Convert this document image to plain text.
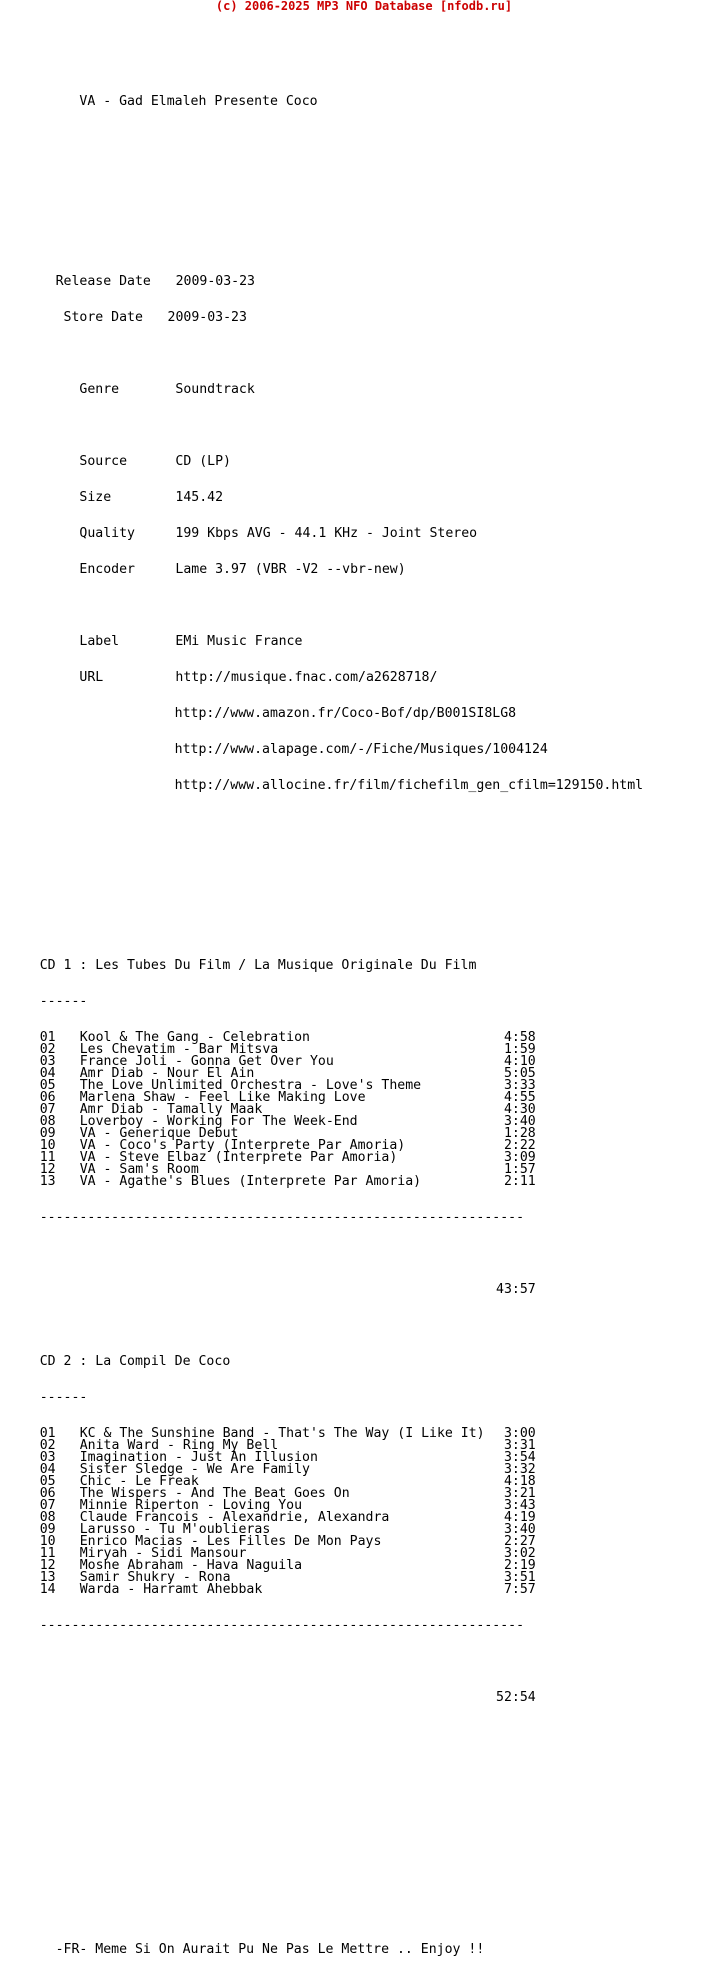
(c) 2006-2025 MP3 NFO Database [nfodb.ru]

VA - Gad Elmaleh Presente Coco

Release Date 2009-03-23

Store Date 2009-03-23

Genre	Soundtrack

Source	CD (LP)

Size	145.42

Quality	199 Kbps AVG - 44.1 KHz - Joint Stereo

Encoder	Lame 3.97 (VBR -V2 --vbr-new)

Label	EMi Music France

URL	http://musique.fnac.com/a2628718/

http://www.amazon.fr/Coco-Bof/dp/B001SI8LG8

http://www.alapage.com/-/Fiche/Musiques/1004124

http://www.allocine.fr/film/fichefilm_gen_cfilm=129150.html

CD 1 : Les Tubes Du Film / La Musique Originale Du Film

------

01 Kool & The Gang - Celebration	4:58
02 Les Chevatim - Bar Mitsva	1:59
03 France Joli - Gonna Get Over You	4:10
04 Amr Diab - Nour El Ain	5:05
05 The Love Unlimited Orchestra - Love's Theme	3:33
06 Marlena Shaw - Feel Like Making Love	4:55
07 Amr Diab - Tamally Maak	4:30
08 Loverboy - Working For The Week-End	3:40
09 VA - Generique Debut	1:28
10 VA - Coco's Party (Interprete Par Amoria)	2:22
11 VA - Steve Elbaz (Interprete Par Amoria)	3:09
12 VA - Sam's Room	1:57
13 VA - Agathe's Blues (Interprete Par Amoria)	2:11

-------------------------------------------------------------

43:57

CD 2 : La Compil De Coco

------

01 KC & The Sunshine Band - That's The Way (I Like It) 3:00
02 Anita Ward - Ring My Bell	3:31
03 Imagination - Just An Illusion	3:54
04 Sister Sledge - We Are Family	3:32
05 Chic - Le Freak	4:18
06 The Wispers - And The Beat Goes On	3:21
07 Minnie Riperton - Loving You	3:43
08 Claude Francois - Alexandrie, Alexandra	4:19
09 Larusso - Tu M'oublieras	3:40
10 Enrico Macias - Les Filles De Mon Pays	2:27
11 Miryah - Sidi Mansour	3:02
12 Moshe Abraham - Hava Naguila	2:19
13 Samir Shukry - Rona	3:51
14 Warda - Harramt Ahebbak	7:57

-------------------------------------------------------------

52:54

-FR- Meme Si On Aurait Pu Ne Pas Le Mettre .. Enjoy !!
